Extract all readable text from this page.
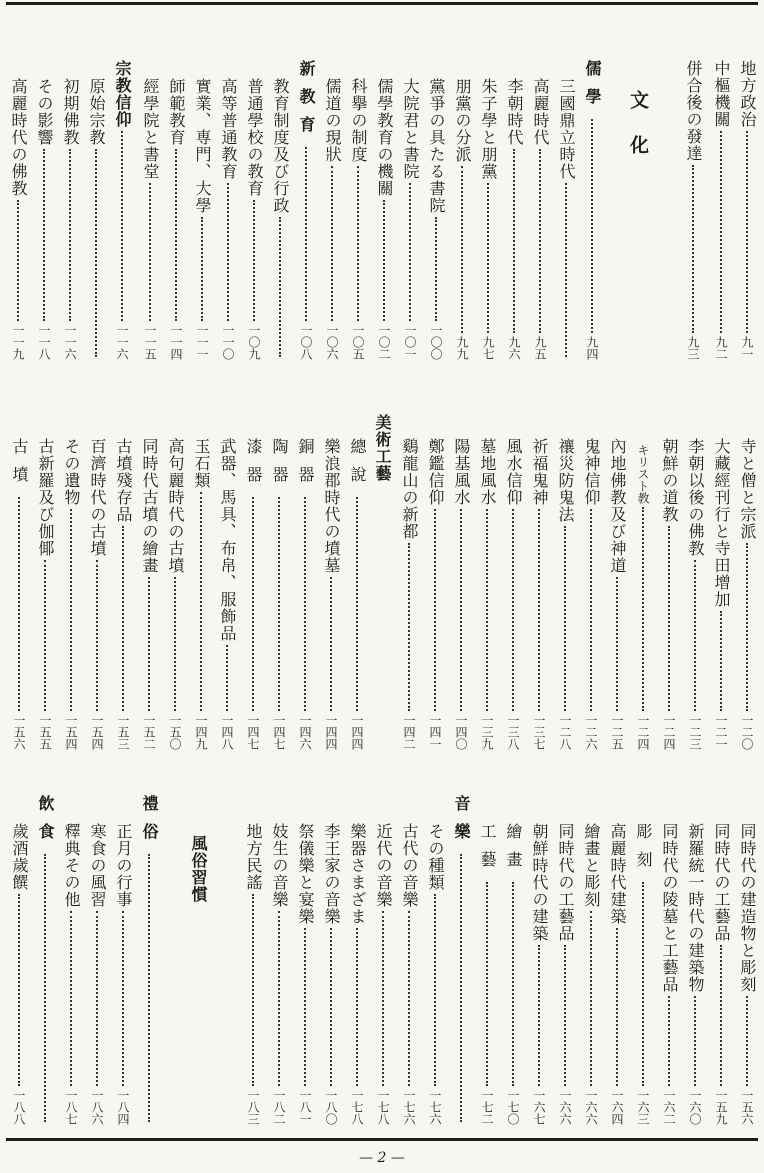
地方政治
九一
中樞機關
九二
併合後の發達
九三
文化
儒學
九四
三國鼎立時代
高麗時代
九五
李朝時代
九六
朱子學と朋黨
九七
朋黨の分派
九九
黨爭の具たる書院
一〇〇
大院君と書院
一〇一
儒學教育の機關
一〇二
科擧の制度
一〇五
新教育
一〇八
儒道の現狀
一〇六
教育制度及び行政
普通學校の教育
一〇九
高等普通教育
一一〇
實業、専門、大學
一一一
師範教育
一一四
經學院と書堂
一一五
宗教信仰
一一六
原始宗教
初期佛教
一一六
その影響
一一八
高麗時代の佛教
一一九
寺と僧と宗派
一二〇
大藏經刊行と寺田增加
一二一
李朝以後の佛教
一二三
朝鮮の道教
一二四
キリスト教
一二四
內地佛教及び神道
一二五
鬼神信仰
一二六
禳災防鬼法
一二八
祈福鬼神
一三七
風水信仰
一三八
墓地風水
一三九
陽基風水
一四〇
鄭鑑信仰
一四一
鷄龍山の新都
一四二
美術工藝
總說
一四四
樂浪郡時代の墳墓
一四四
銅器
一四六
陶器
一四七
漆器
一四七
武器、馬具、布帛、服飾品
一四八
玉石類
一四九
高句麗時代の古墳
一五〇
同時代古墳の繪畫
一五二
古墳殘存品
一五三
百濟時代の古墳
一五四
その遺物
一五四
古新羅及び伽倻
一五五
古墳
一五六
同時代の建造物と彫刻
一五六
同時代の工藝品
一五九
新羅統一時代の建築物
一六〇
同時代の陵墓と工藝品
一六二
彫刻
一六三
高麗時代建築
一六四
繪畫と彫刻
一六六
同時代の工藝品
一六六
朝鮮時代の建築
一六七
繪畫
一七〇
工藝
一七二
音樂
その種類
一七六
古代の音樂
一七六
近代の音樂
一七八
樂器さまざま
一七八
李王家の音樂
一八〇
祭儀樂と宴樂
一八一
妓生の音樂
一八二
地方民謠
一八三
風俗習慣
禮俗
正月の行事
一八四
寒食の風習
一八六
釋典その他
一八七
飲食
歲酒歲饌
一八八
— 2 —
